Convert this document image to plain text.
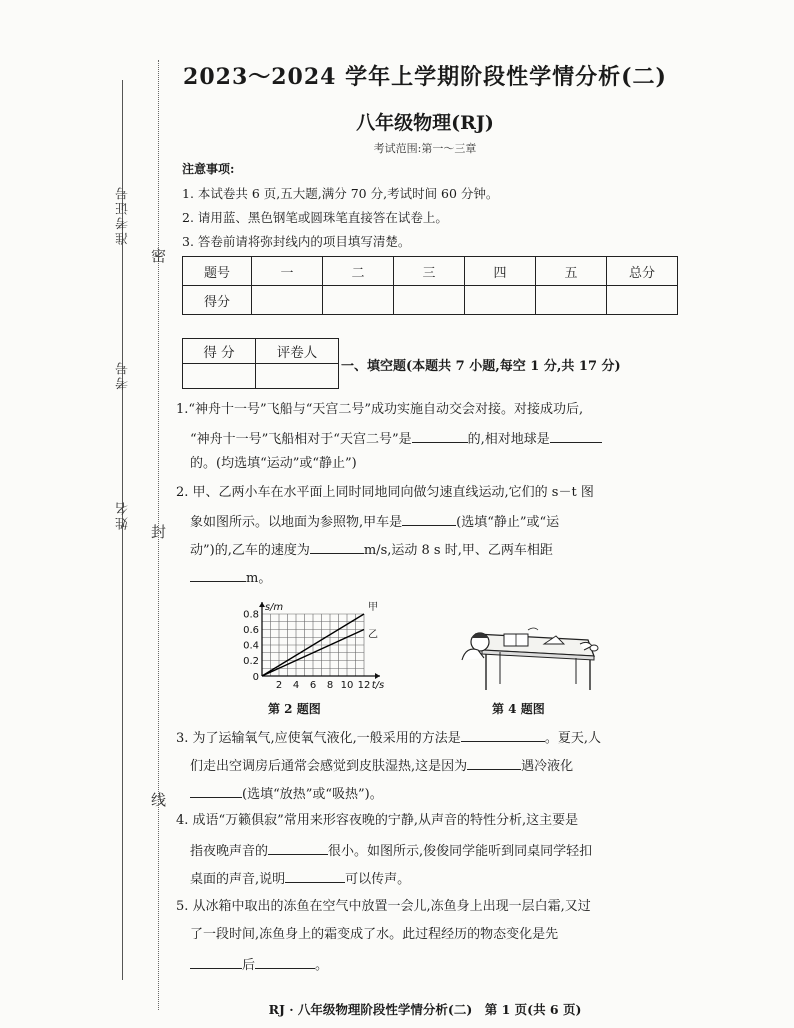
准考证号
考号
姓名
密
封
线
2023～2024 学年上学期阶段性学情分析(二)
八年级物理(RJ)
考试范围:第一～三章
注意事项:
1. 本试卷共 6 页,五大题,满分 70 分,考试时间 60 分钟。
2. 请用蓝、黑色钢笔或圆珠笔直接答在试卷上。
3. 答卷前请将弥封线内的项目填写清楚。
题号	一	二	三	四	五	总分
得分						
得 分	评卷人

一、填空题(本题共 7 小题,每空 1 分,共 17 分)
1.“神舟十一号”飞船与“天宫二号”成功实施自动交会对接。对接成功后,
“神舟十一号”飞船相对于“天宫二号”是	的,相对地球是
的。(均选填“运动”或“静止”)
2. 甲、乙两小车在水平面上同时同地同向做匀速直线运动,它们的 s－t 图
象如图所示。以地面为参照物,甲车是	(选填“静止”或“运
动”)的,乙车的速度为	m/s,运动 8 s 时,甲、乙两车相距
m。
2 4 6 8 10 12
0.2
0.4
0.6
0.8
0
t/s
s/m	甲
乙
第 2 题图	第 4 题图
3. 为了运输氧气,应使氧气液化,一般采用的方法是	。夏天,人
们走出空调房后通常会感觉到皮肤湿热,这是因为	遇冷液化
(选填“放热”或“吸热”)。
4. 成语“万籁俱寂”常用来形容夜晚的宁静,从声音的特性分析,这主要是
指夜晚声音的	很小。如图所示,俊俊同学能听到同桌同学轻扣
桌面的声音,说明	可以传声。
5. 从冰箱中取出的冻鱼在空气中放置一会儿,冻鱼身上出现一层白霜,又过
了一段时间,冻鱼身上的霜变成了水。此过程经历的物态变化是先
后	。
RJ · 八年级物理阶段性学情分析(二)　第 1 页(共 6 页)
